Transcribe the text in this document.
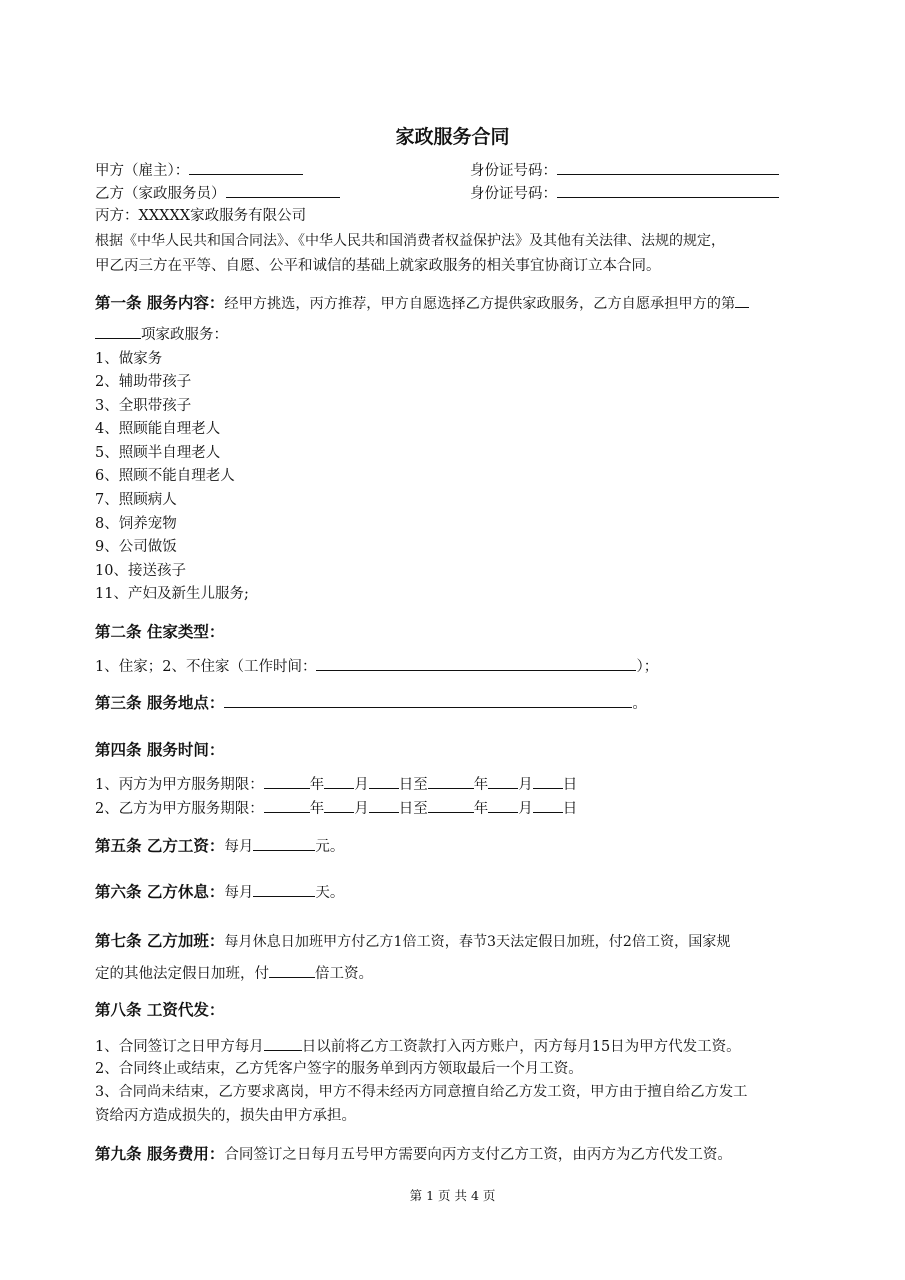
家政服务合同
甲方（雇主）：	身份证号码：
乙方（家政服务员）	身份证号码：
丙方：XXXXX家政服务有限公司
根据《中华人民共和国合同法》、《中华人民共和国消费者权益保护法》及其他有关法律、法规的规定，
甲乙丙三方在平等、自愿、公平和诚信的基础上就家政服务的相关事宜协商订立本合同。
第一条 服务内容：经甲方挑选，丙方推荐，甲方自愿选择乙方提供家政服务，乙方自愿承担甲方的第
项家政服务：
1、做家务
2、辅助带孩子
3、全职带孩子
4、照顾能自理老人
5、照顾半自理老人
6、照顾不能自理老人
7、照顾病人
8、饲养宠物
9、公司做饭
10、接送孩子
11、产妇及新生儿服务;
第二条 住家类型：
1、住家；2、不住家（工作时间：	）；
第三条 服务地点：	。
第四条 服务时间：
1、丙方为甲方服务期限：	年 月 日至	年 月 日
2、乙方为甲方服务期限：	年 月 日至	年 月 日
第五条 乙方工资：每月	元。
第六条 乙方休息：每月	天。
第七条 乙方加班：每月休息日加班甲方付乙方1倍工资，春节3天法定假日加班，付2倍工资，国家规
定的其他法定假日加班，付	倍工资。
第八条 工资代发：
1、合同签订之日甲方每月	日以前将乙方工资款打入丙方账户，丙方每月15日为甲方代发工资。
2、合同终止或结束，乙方凭客户签字的服务单到丙方领取最后一个月工资。
3、合同尚未结束，乙方要求离岗，甲方不得未经丙方同意擅自给乙方发工资，甲方由于擅自给乙方发工
资给丙方造成损失的，损失由甲方承担。
第九条 服务费用：合同签订之日每月五号甲方需要向丙方支付乙方工资，由丙方为乙方代发工资。
第 1 页 共 4 页
